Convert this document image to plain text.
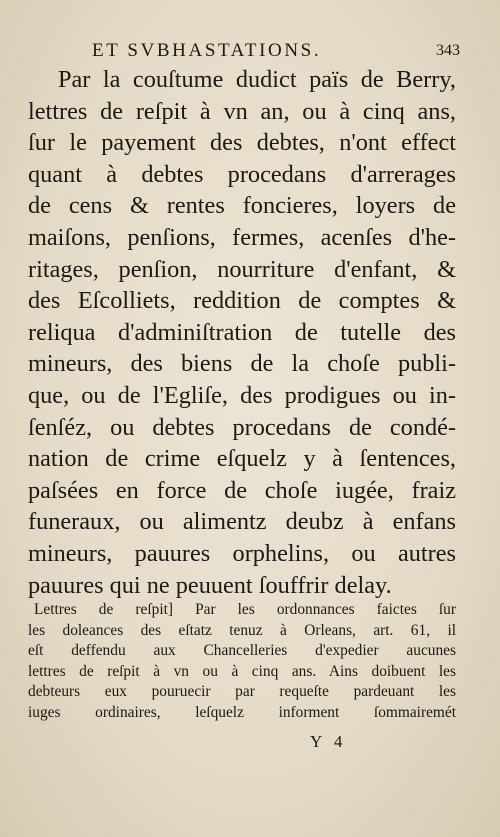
ET SVBHASTATIONS.	343

Par la couſtume dudict païs de Berry,
lettres de reſpit à vn an, ou à cinq ans,
ſur le payement des debtes, n'ont effect
quant à debtes procedans d'arrerages
de cens & rentes foncieres, loyers de
maiſons, penſions, fermes, acenſes d'he-
ritages, penſion, nourriture d'enfant, &
des Eſcolliets, reddition de comptes &
reliqua d'adminiſtration de tutelle des
mineurs, des biens de la choſe publi-
que, ou de l'Egliſe, des prodigues ou in-
ſenſéz, ou debtes procedans de condé-
nation de crime eſquelz y à ſentences,
paſsées en force de choſe iugée, fraiz
funeraux, ou alimentz deubz à enfans
mineurs, pauures orphelins, ou autres
pauures qui ne peuuent ſouffrir delay.

Lettres de reſpit] Par les ordonnances faictes ſur
les doleances des eſtatz tenuz à Orleans, art. 61, il
eſt deffendu aux Chancelleries d'expedier aucunes
lettres de reſpit à vn ou à cinq ans. Ains doibuent les
debteurs eux pouruecir par requeſte pardeuant les
iuges ordinaires, leſquelz informent ſommairemét
Y 4
